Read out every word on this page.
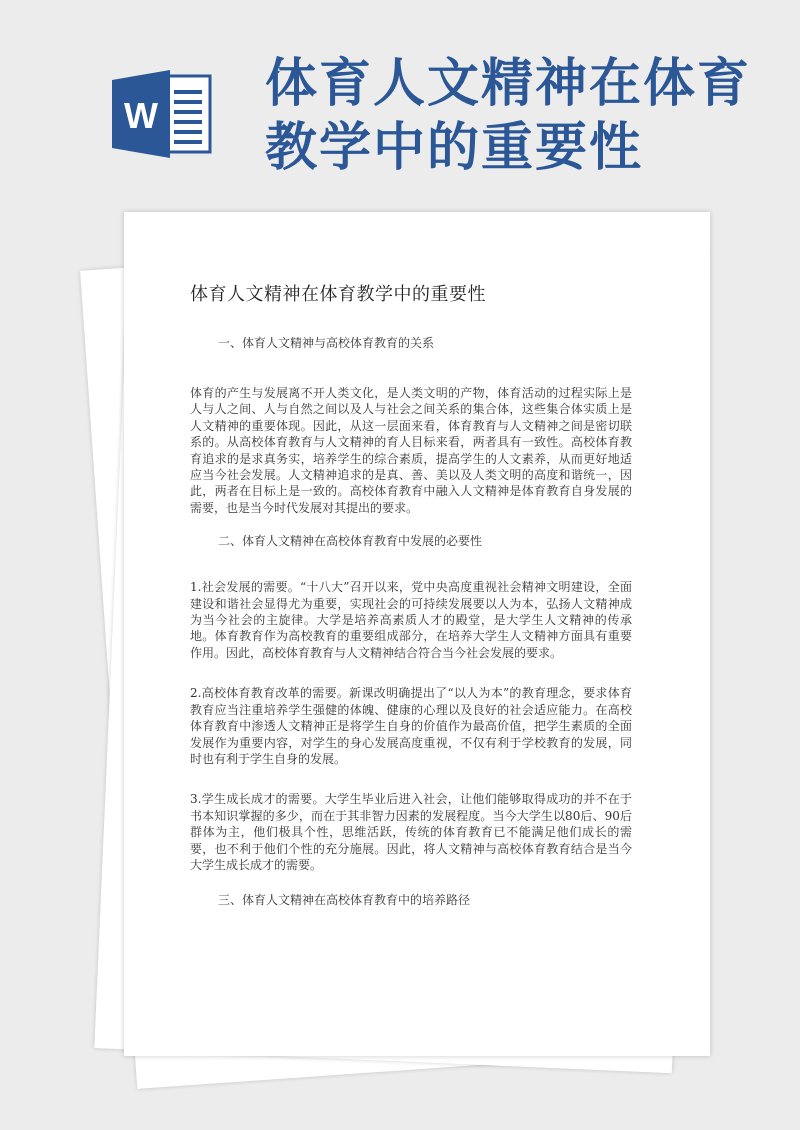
W
体育人文精神在体育教学中的重要性
体育人文精神在体育教学中的重要性

一、体育人文精神与高校体育教育的关系

体育的产生与发展离不开人类文化，是人类文明的产物，体育活动的过程实际上是人与人之间、人与自然之间以及人与社会之间关系的集合体，这些集合体实质上是人文精神的重要体现。因此，从这一层面来看，体育教育与人文精神之间是密切联系的。从高校体育教育与人文精神的育人目标来看，两者具有一致性。高校体育教育追求的是求真务实，培养学生的综合素质，提高学生的人文素养，从而更好地适应当今社会发展。人文精神追求的是真、善、美以及人类文明的高度和谐统一，因此，两者在目标上是一致的。高校体育教育中融入人文精神是体育教育自身发展的需要，也是当今时代发展对其提出的要求。

二、体育人文精神在高校体育教育中发展的必要性

1.社会发展的需要。“十八大”召开以来，党中央高度重视社会精神文明建设，全面建设和谐社会显得尤为重要，实现社会的可持续发展要以人为本，弘扬人文精神成为当今社会的主旋律。大学是培养高素质人才的殿堂，是大学生人文精神的传承地。体育教育作为高校教育的重要组成部分，在培养大学生人文精神方面具有重要作用。因此，高校体育教育与人文精神结合符合当今社会发展的要求。

2.高校体育教育改革的需要。新课改明确提出了“以人为本”的教育理念，要求体育教育应当注重培养学生强健的体魄、健康的心理以及良好的社会适应能力。在高校体育教育中渗透人文精神正是将学生自身的价值作为最高价值，把学生素质的全面发展作为重要内容，对学生的身心发展高度重视，不仅有利于学校教育的发展，同时也有利于学生自身的发展。

3.学生成长成才的需要。大学生毕业后进入社会，让他们能够取得成功的并不在于书本知识掌握的多少，而在于其非智力因素的发展程度。当今大学生以80后、90后群体为主，他们极具个性，思维活跃，传统的体育教育已不能满足他们成长的需要，也不利于他们个性的充分施展。因此，将人文精神与高校体育教育结合是当今大学生成长成才的需要。

三、体育人文精神在高校体育教育中的培养路径
